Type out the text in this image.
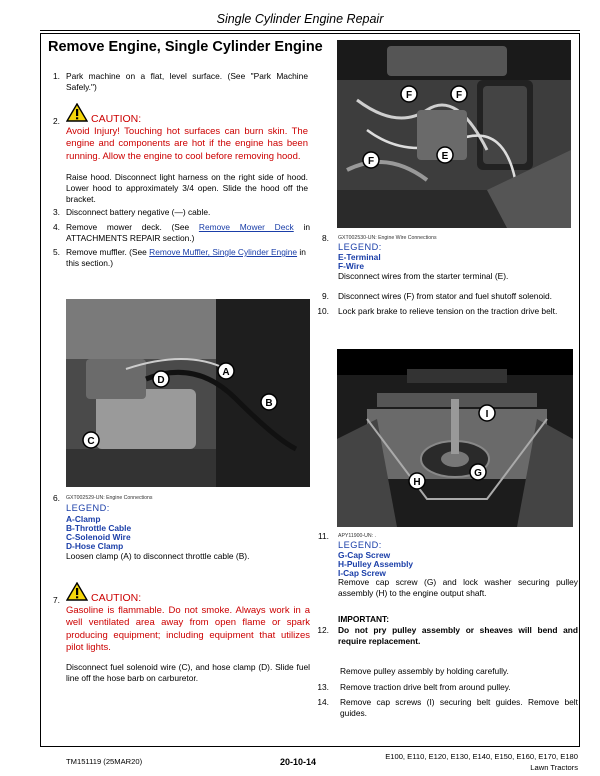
Single Cylinder Engine Repair
Remove Engine, Single Cylinder Engine
1. Park machine on a flat, level surface. (See "Park Machine Safely.")
2.	CAUTION:
Avoid Injury! Touching hot surfaces can burn skin. The engine and components are hot if the engine has been running. Allow the engine to cool before removing hood.
Raise hood. Disconnect light harness on the right side of hood. Lower hood to approximately 3/4 open. Slide the hood off the bracket.
3. Disconnect battery negative (—) cable.
4. Remove mower deck. (See Remove Mower Deck in ATTACHMENTS REPAIR section.)
5. Remove muffler. (See Remove Muffler, Single Cylinder Engine in this section.)
F	F
F	E
8. GXT002530-UN: Engine Wire Connections
LEGEND:
E-Terminal
F-Wire
Disconnect wires from the starter terminal (E).
9. Disconnect wires (F) from stator and fuel shutoff solenoid.
10. Lock park brake to relieve tension on the traction drive belt.
D
A
B
C
6. GXT002529-UN: Engine Connections
LEGEND:
A-Clamp
B-Throttle Cable
C-Solenoid Wire
D-Hose Clamp
Loosen clamp (A) to disconnect throttle cable (B).
7.	CAUTION:
Gasoline is flammable. Do not smoke. Always work in a well ventilated area away from open flame or spark producing equipment; including equipment that utilizes pilot lights.
Disconnect fuel solenoid wire (C), and hose clamp (D). Slide fuel line off the hose barb on carburetor.
I
G
H
11. APY11900-UN: .
LEGEND:
G-Cap Screw
H-Pulley Assembly
I-Cap Screw
Remove cap screw (G) and lock washer securing pulley assembly (H) to the engine output shaft.
IMPORTANT:
12. Do not pry pulley assembly or sheaves will bend and require replacement.
Remove pulley assembly by holding carefully.
13. Remove traction drive belt from around pulley.
14. Remove cap screws (I) securing belt guides. Remove belt guides.
TM151119 (25MAR20)	20-10-14
E100, E110, E120, E130, E140, E150, E160, E170, E180
Lawn Tractors
